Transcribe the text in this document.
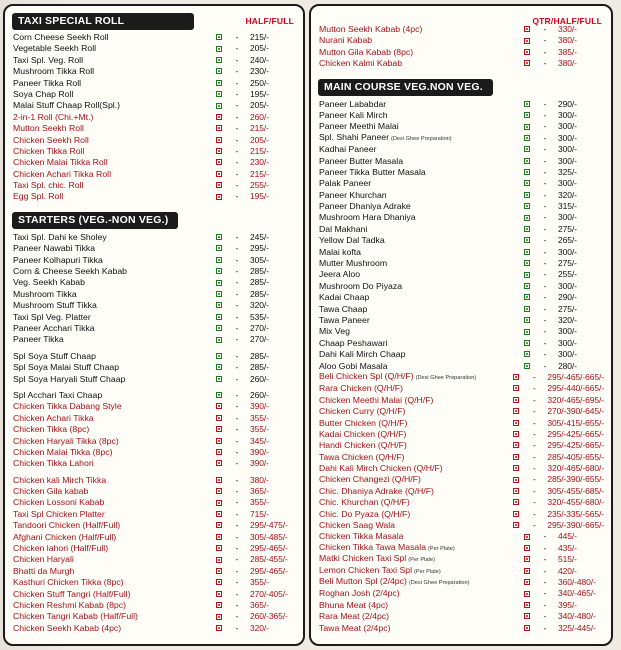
TAXI SPECIAL ROLL	HALF/FULL
Corn Cheese Seekh Roll	-	215/-
Vegetable Seekh Roll	-	205/-
Taxi Spl. Veg. Roll	-	240/-
Mushroom Tikka Roll	-	230/-
Paneer Tikka Roll	-	250/-
Soya Chap Roll	-	195/-
Malai Stuff Chaap Roll(Spl.)	-	205/-
2-in-1 Roll (Chi.+Mt.)	-	260/-
Mutton Seekh Roll	-	215/-
Chicken Seekh Roll	-	205/-
Chicken Tikka Roll	-	215/-
Chicken Malai Tikka Roll	-	230/-
Chicken Achari Tikka Roll	-	215/-
Taxi Spl. chic. Roll	-	255/-
Egg Spl. Roll	-	195/-
STARTERS (VEG.-NON VEG.)
Taxi Spl. Dahi ke Sholey	-	245/-
Paneer Nawabi Tikka	-	295/-
Paneer Kolhapuri Tikka	-	305/-
Corn & Cheese Seekh Kabab	-	285/-
Veg. Seekh Kabab	-	285/-
Mushroom Tikka	-	285/-
Mushroom Stuff Tikka	-	320/-
Taxi Spl Veg. Platter	-	535/-
Paneer Acchari Tikka	-	270/-
Paneer Tikka	-	270/-
Spl Soya Stuff Chaap	-	285/-
Spl Soya Malai Stuff Chaap	-	285/-
Spl Soya Haryali Stuff Chaap	-	260/-
Spl Acchari Taxi Chaap	-	260/-
Chicken Tikka Dabang Style	-	390/-
Chicken Achari Tikka	-	355/-
Chicken Tikka (8pc)	-	355/-
Chicken Haryali Tikka (8pc)	-	345/-
Chicken Malai Tikka (8pc)	-	390/-
Chicken Tikka Lahori	-	390/-
Chicken kali Mirch Tikka	-	380/-
Chicken Gila kabab	-	365/-
Chicken Lossoni Kabab	-	355/-
Taxi Spl Chicken Platter	-	715/-
Tandoori Chicken (Half/Full)	-	295/-475/-
Afghani Chicken (Half/Full)	-	305/-485/-
Chicken lahori (Half/Full)	-	295/-465/-
Chicken Haryali	-	285/-455/-
Bhatti da Murgh	-	295/-465/-
Kasthuri Chicken Tikka (8pc)	-	355/-
Chicken Stuff Tangri (Half/Full)	-	270/-405/-
Chicken Reshmi Kabab (8pc)	-	365/-
Chicken Tangri Kabab (Half/Full)	-	260/-365/-
Chicken Seekh Kabab (4pc)	-	320/-
QTR/HALF/FULL
Mutton Seekh Kabab (4pc)	-	330/-
Nurani Kabab	-	380/-
Mutton Gila Kabab (8pc)	-	385/-
Chicken Kalmi Kabab	-	380/-
MAIN COURSE VEG.NON VEG.
Paneer Lababdar	-	290/-
Paneer Kali Mirch	-	300/-
Paneer Meethi Malai	-	300/-
Spl. Shahi Paneer (Desi Ghee Preparation)	-	300/-
Kadhai Paneer	-	300/-
Paneer Butter Masala	-	300/-
Paneer Tikka Butter Masala	-	325/-
Palak Paneer	-	300/-
Paneer Khurchan	-	320/-
Paneer Dhaniya Adrake	-	315/-
Mushroom Hara Dhaniya	-	300/-
Dal Makhani	-	275/-
Yellow Dal Tadka	-	265/-
Malai kofta	-	300/-
Mutter Mushroom	-	275/-
Jeera Aloo	-	255/-
Mushroom Do Piyaza	-	300/-
Kadai Chaap	-	290/-
Tawa Chaap	-	275/-
Tawa Paneer	-	320/-
Mix Veg	-	300/-
Chaap Peshawari	-	300/-
Dahi Kali Mirch Chaap	-	300/-
Aloo Gobi Masala	-	280/-
Beli Chicken Spl (Q/H/F) (Desi Ghee Preparation)	-	295/-465/-665/-
Rara Chicken (Q/H/F)	-	295/-440/-665/-
Chicken Meethi Malai (Q/H/F)	-	320/-465/-695/-
Chicken Curry (Q/H/F)	-	270/-390/-645/-
Butter Chicken (Q/H/F)	-	305/-415/-655/-
Kadai Chicken (Q/H/F)	-	295/-425/-665/-
Handi Chicken (Q/H/F)	-	295/-425/-665/-
Tawa Chicken (Q/H/F)	-	285/-405/-655/-
Dahi Kali Mirch Chicken (Q/H/F)	-	320/-465/-680/-
Chicken Changezi (Q/H/F)	-	285/-390/-655/-
Chic. Dhaniya Adrake (Q/H/F)	-	305/-455/-685/-
Chic. Khurchan (Q/H/F)	-	320/-455/-680/-
Chic. Do Pyaza (Q/H/F)	-	235/-335/-565/-
Chicken Saag Wala	-	295/-390/-665/-
Chicken Tikka Masala	-	445/-
Chicken Tikka Tawa Masala (Per Plate)	-	435/-
Matki Chicken Taxi Spl (Per Plate)	-	515/-
Lemon Chicken Taxi Spl (Per Plate)	-	420/-
Beli Mutton Spl (2/4pc) (Desi Ghee Preparation)	-	360/-480/-
Roghan Josh (2/4pc)	-	340/-465/-
Bhuna Meat (4pc)	-	395/-
Rara Meat (2/4pc)	-	340/-480/-
Tawa Meat (2/4pc)	-	325/-445/-
